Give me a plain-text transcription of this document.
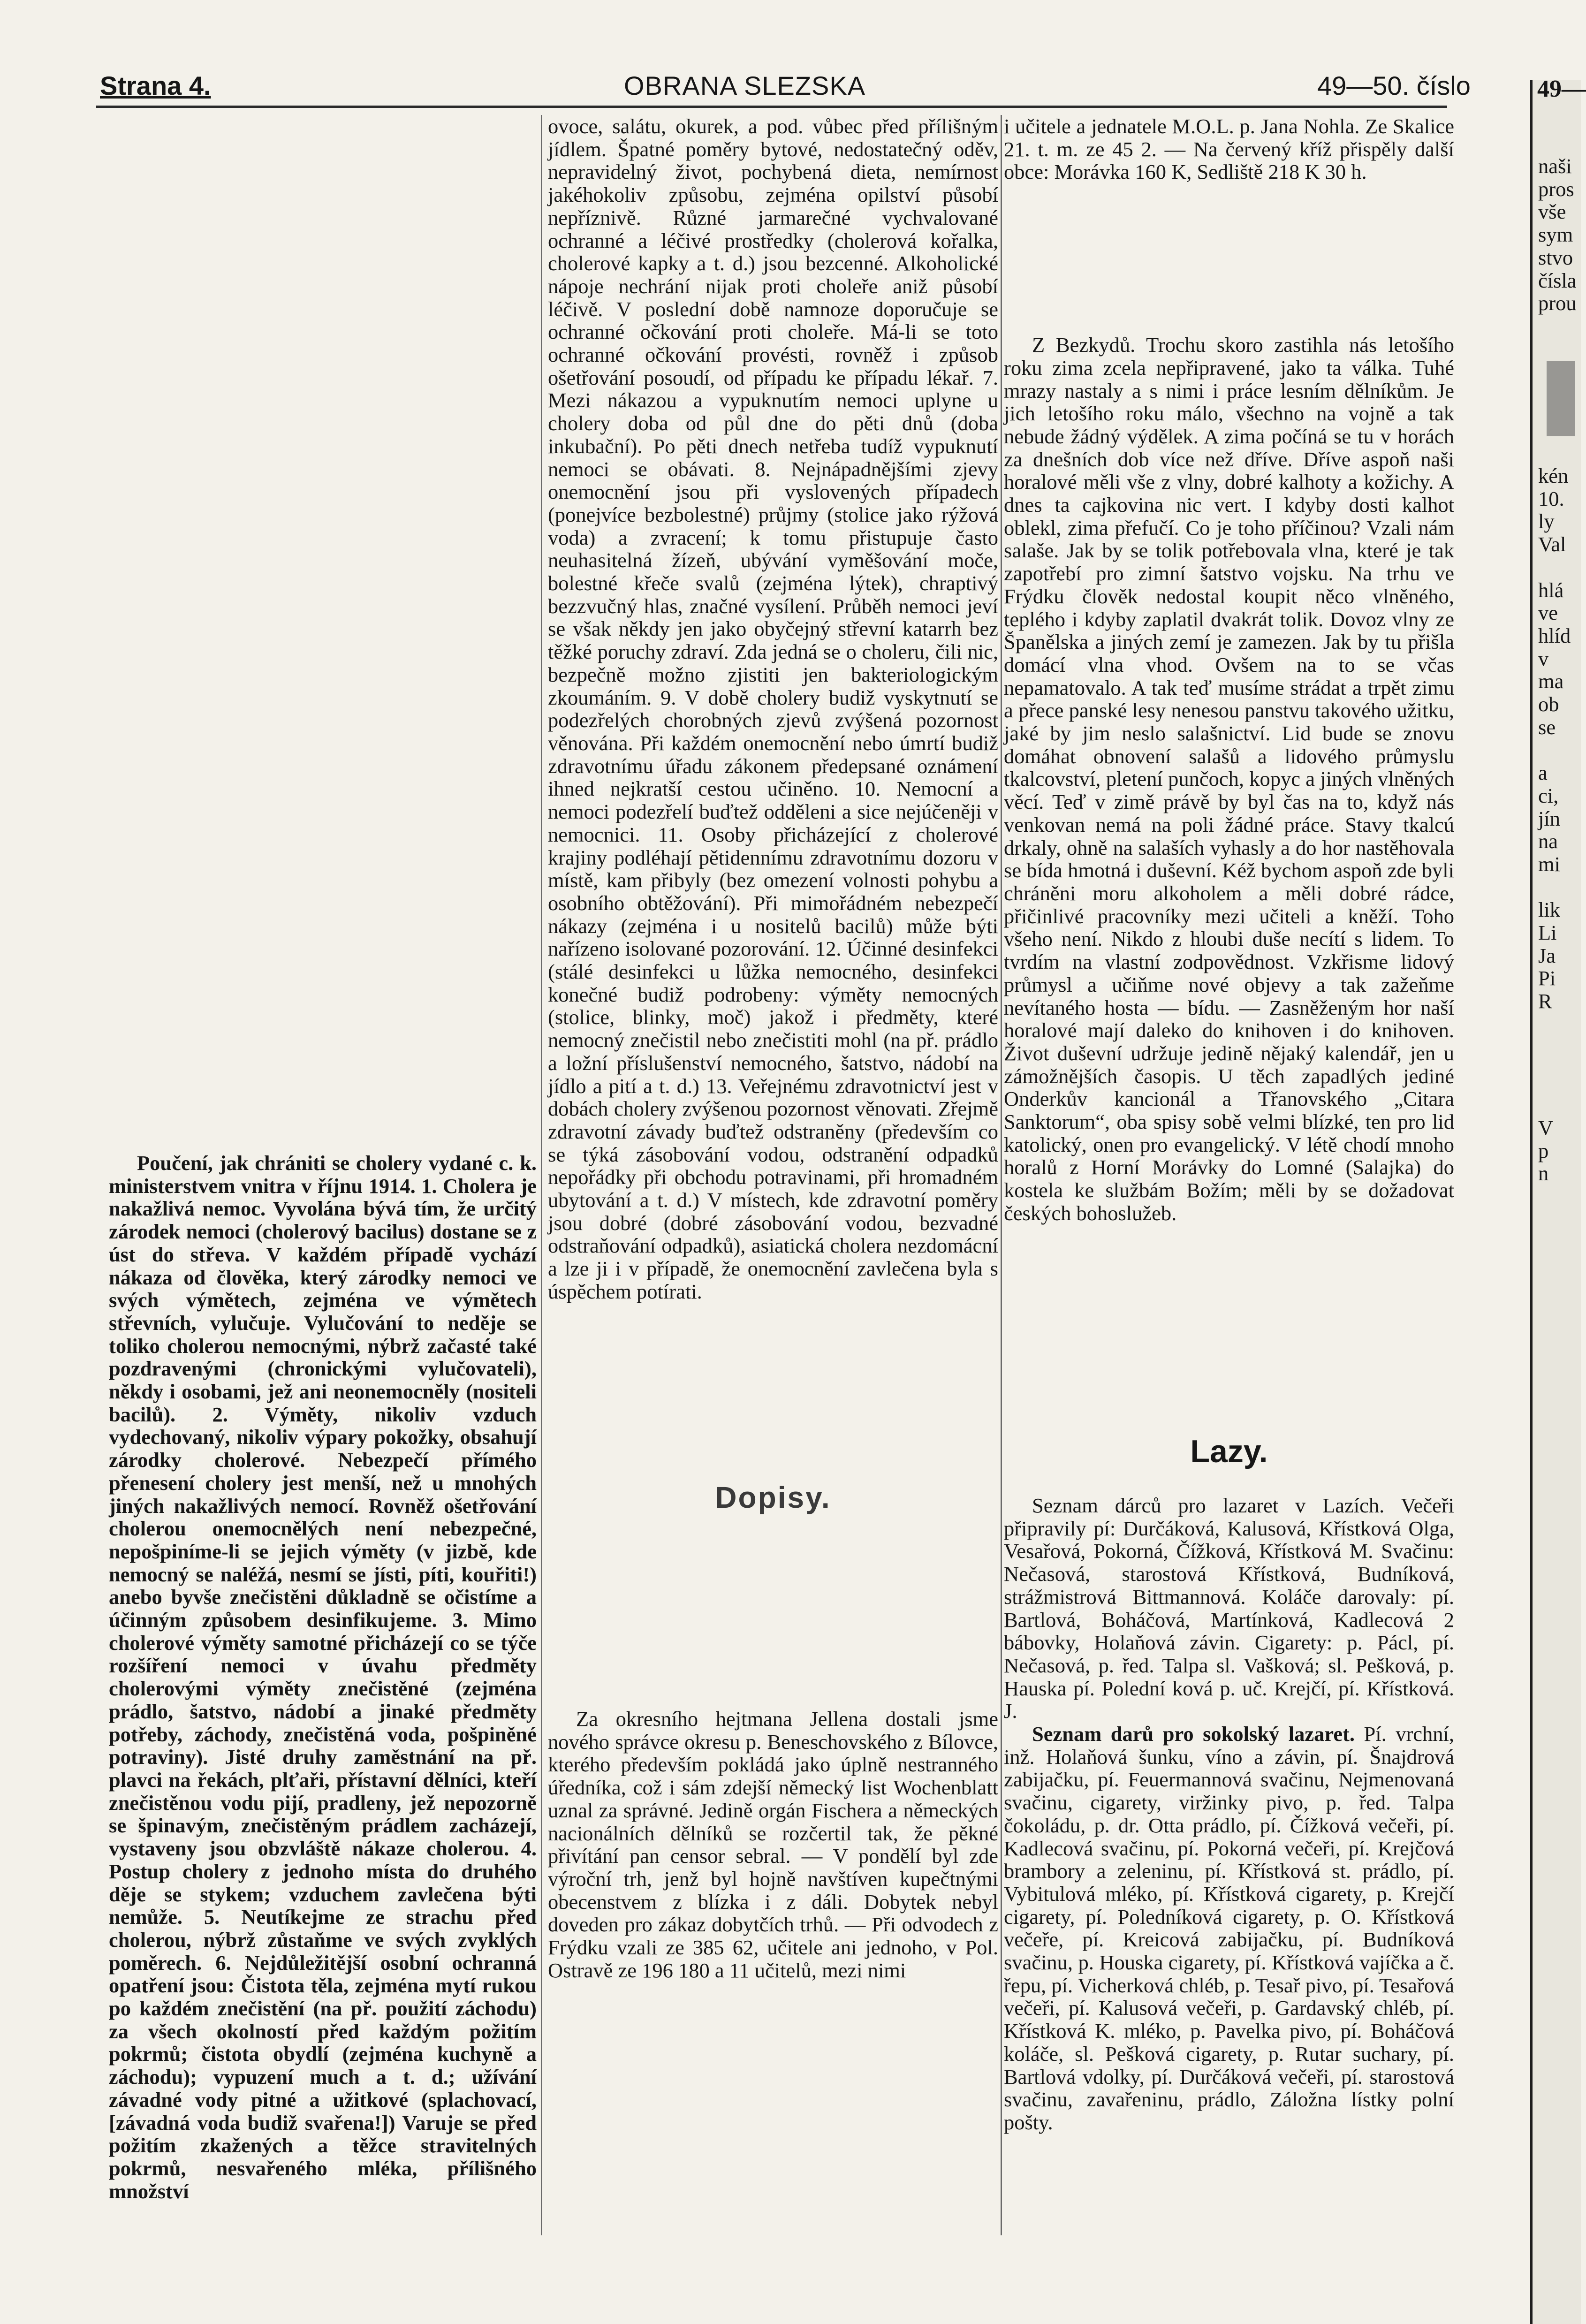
Strana 4.	OBRANA SLEZSKA	49—50. číslo

Poučení, jak chrániti se cholery vydané c. k. ministerstvem vnitra v říjnu 1914. 1. Cholera je nakažlivá nemoc. Vyvolána bývá tím, že určitý zárodek nemoci (cholerový bacilus) dostane se z úst do střeva. V každém případě vychází nákaza od člověka, který zárodky nemoci ve svých výmětech, zejména ve výmětech střevních, vylučuje. Vylučování to neděje se toliko cholerou nemocnými, nýbrž začasté také pozdravenými (chronickými vylučovateli), někdy i osobami, jež ani neonemocněly (nositeli bacilů). 2. Výměty, nikoliv vzduch vydechovaný, nikoliv výpary pokožky, obsahují zárodky cholerové. Nebezpečí přímého přenesení cholery jest menší, než u mnohých jiných nakažlivých nemocí. Rovněž ošetřování cholerou onemocnělých není nebezpečné, nepošpiníme-li se jejich výměty (v jizbě, kde nemocný se naléžá, nesmí se jísti, píti, kouřiti!) anebo byvše znečistěni důkladně se očistíme a účinným způsobem desinfikujeme. 3. Mimo cholerové výměty samotné přicházejí co se týče rozšíření nemoci v úvahu předměty cholerovými výměty znečistěné (zejména prádlo, šatstvo, nádobí a jinaké předměty potřeby, záchody, znečistěná voda, pošpiněné potraviny). Jisté druhy zaměstnání na př. plavci na řekách, plťaři, přístavní dělníci, kteří znečistěnou vodu pijí, pradleny, jež nepozorně se špinavým, znečistěným prádlem zacházejí, vystaveny jsou obzvláště nákaze cholerou. 4. Postup cholery z jednoho místa do druhého děje se stykem; vzduchem zavlečena býti nemůže. 5. Neutíkejme ze strachu před cholerou, nýbrž zůstaňme ve svých zvyklých poměrech. 6. Nejdůležitější osobní ochranná opatření jsou: Čistota těla, zejména mytí rukou po každém znečistění (na př. použití záchodu) za všech okolností před každým požitím pokrmů; čistota obydlí (zejména kuchyně a záchodu); vypuzení much a t. d.; užívání závadné vody pitné a užitkové (splachovací, [závadná voda budiž svařena!]) Varuje se před požitím zkažených a těžce stravitelných pokrmů, nesvařeného mléka, přílišného množství

ovoce, salátu, okurek, a pod. vůbec před přílišným jídlem. Špatné poměry bytové, nedostatečný oděv, nepravidelný život, pochybená dieta, nemírnost jakéhokoliv způsobu, zejména opilství působí nepříznivě. Různé jarmarečné vychvalované ochranné a léčivé prostředky (cholerová kořalka, cholerové kapky a t. d.) jsou bezcenné. Alkoholické nápoje nechrání nijak proti choleře aniž působí léčivě. V poslední době namnoze doporučuje se ochranné očkování proti choleře. Má-li se toto ochranné očkování provésti, rovněž i způsob ošetřování posoudí, od případu ke případu lékař. 7. Mezi nákazou a vypuknutím nemoci uplyne u cholery doba od půl dne do pěti dnů (doba inkubační). Po pěti dnech netřeba tudíž vypuknutí nemoci se obávati. 8. Nejnápadnějšími zjevy onemocnění jsou při vyslovených případech (ponejvíce bezbolestné) průjmy (stolice jako rýžová voda) a zvracení; k tomu přistupuje často neuhasitelná žízeň, ubývání vyměšování moče, bolestné křeče svalů (zejména lýtek), chraptivý bezzvučný hlas, značné vysílení. Průběh nemoci jeví se však někdy jen jako obyčejný střevní katarrh bez těžké poruchy zdraví. Zda jedná se o choleru, čili nic, bezpečně možno zjistiti jen bakteriologickým zkoumáním. 9. V době cholery budiž vyskytnutí se podezřelých chorobných zjevů zvýšená pozornost věnována. Při každém onemocnění nebo úmrtí budiž zdravotnímu úřadu zákonem předepsané oznámení ihned nejkratší cestou učiněno. 10. Nemocní a nemoci podezřelí buďtež odděleni a sice nejúčeněji v nemocnici. 11. Osoby přicházející z cholerové krajiny podléhají pětidennímu zdravotnímu dozoru v místě, kam přibyly (bez omezení volnosti pohybu a osobního obtěžování). Při mimořádném nebezpečí nákazy (zejména i u nositelů bacilů) může býti nařízeno isolované pozorování. 12. Účinné desinfekci (stálé desinfekci u lůžka nemocného, desinfekci konečné budiž podrobeny: výměty nemocných (stolice, blinky, moč) jakož i předměty, které nemocný znečistil nebo znečistiti mohl (na př. prádlo a ložní příslušenství nemocného, šatstvo, nádobí na jídlo a pití a t. d.) 13. Veřejnému zdravotnictví jest v dobách cholery zvýšenou pozornost věnovati. Zřejmě zdravotní závady buďtež odstraněny (především co se týká zásobování vodou, odstranění odpadků nepořádky při obchodu potravinami, při hromadném ubytování a t. d.) V místech, kde zdravotní poměry jsou dobré (dobré zásobování vodou, bezvadné odstraňování odpadků), asiatická cholera nezdomácní a lze ji i v případě, že onemocnění zavlečena byla s úspěchem potírati.

Dopisy.

Za okresního hejtmana Jellena dostali jsme nového správce okresu p. Beneschovského z Bílovce, kterého především pokládá jako úplně nestranného úředníka, což i sám zdejší německý list Wochenblatt uznal za správné. Jedině orgán Fischera a německých nacionálních dělníků se rozčertil tak, že pěkné přivítání pan censor sebral. — V pondělí byl zde výroční trh, jenž byl hojně navštíven kupečtnými obecenstvem z blízka i z dáli. Dobytek nebyl doveden pro zákaz dobytčích trhů. — Při odvodech z Frýdku vzali ze 385 62, učitele ani jednoho, v Pol. Ostravě ze 196 180 a 11 učitelů, mezi nimi

i učitele a jednatele M.O.L. p. Jana Nohla. Ze Skalice 21. t. m. ze 45 2. — Na červený kříž přispěly další obce: Morávka 160 K, Sedliště 218 K 30 h.

Z Bezkydů. Trochu skoro zastihla nás letošího roku zima zcela nepřipravené, jako ta válka. Tuhé mrazy nastaly a s nimi i práce lesním dělníkům. Je jich letošího roku málo, všechno na vojně a tak nebude žádný výdělek. A zima počíná se tu v horách za dnešních dob více než dříve. Dříve aspoň naši horalové měli vše z vlny, dobré kalhoty a kožichy. A dnes ta cajkovina nic vert. I kdyby dosti kalhot oblekl, zima přefučí. Co je toho příčinou? Vzali nám salaše. Jak by se tolik potřebovala vlna, které je tak zapotřebí pro zimní šatstvo vojsku. Na trhu ve Frýdku člověk nedostal koupit něco vlněného, teplého i kdyby zaplatil dvakrát tolik. Dovoz vlny ze Španělska a jiných zemí je zamezen. Jak by tu přišla domácí vlna vhod. Ovšem na to se včas nepamatovalo. A tak teď musíme strádat a trpět zimu a přece panské lesy nenesou panstvu takového užitku, jaké by jim neslo salašnictví. Lid bude se znovu domáhat obnovení salašů a lidového průmyslu tkalcovství, pletení punčoch, kopyc a jiných vlněných věcí. Teď v zimě právě by byl čas na to, když nás venkovan nemá na poli žádné práce. Stavy tkalcú drkaly, ohně na salaších vyhasly a do hor nastěhovala se bída hmotná i duševní. Kéž bychom aspoň zde byli chráněni moru alkoholem a měli dobré rádce, přičinlivé pracovníky mezi učiteli a kněží. Toho všeho není. Nikdo z hloubi duše necítí s lidem. To tvrdím na vlastní zodpovědnost. Vzkřisme lidový průmysl a učiňme nové objevy a tak zažeňme nevítaného hosta — bídu. — Zasněženým hor naší horalové mají daleko do knihoven i do knihoven. Život duševní udržuje jedině nějaký kalendář, jen u zámožnějších časopis. U těch zapadlých jediné Onderkův kancionál a Třanovského „Citara Sanktorum“, oba spisy sobě velmi blízké, ten pro lid katolický, onen pro evangelický. V létě chodí mnoho horalů z Horní Morávky do Lomné (Salajka) do kostela ke službám Božím; měli by se dožadovat českých bohoslužeb.

Lazy.

Seznam dárců pro lazaret v Lazích. Večeři připravily pí: Durčáková, Kalusová, Křístková Olga, Vesařová, Pokorná, Čížková, Křístková M. Svačinu: Nečasová, starostová Křístková, Budníková, strážmistrová Bittmannová. Koláče darovaly: pí. Bartlová, Boháčová, Martínková, Kadlecová 2 bábovky, Holaňová závin. Cigarety: p. Pácl, pí. Nečasová, p. řed. Talpa sl. Vašková; sl. Pešková, p. Hauska pí. Polední ková p. uč. Krejčí, pí. Křístková. J.

Seznam darů pro sokolský lazaret. Pí. vrchní, inž. Holaňová šunku, víno a závin, pí. Šnajdrová zabijačku, pí. Feuermannová svačinu, Nejmenovaná svačinu, cigarety, viržinky pivo, p. řed. Talpa čokoládu, p. dr. Otta prádlo, pí. Čížková večeři, pí. Kadlecová svačinu, pí. Pokorná večeři, pí. Krejčová brambory a zeleninu, pí. Křístková st. prádlo, pí. Vybitulová mléko, pí. Křístková cigarety, p. Krejčí cigarety, pí. Poledníková cigarety, p. O. Křístková večeře, pí. Kreicová zabijačku, pí. Budníková svačinu, p. Houska cigarety, pí. Křístková vajíčka a č. řepu, pí. Vicherková chléb, p. Tesař pivo, pí. Tesařová večeři, pí. Kalusová večeři, p. Gardavský chléb, pí. Křístková K. mléko, p. Pavelka pivo, pí. Boháčová koláče, sl. Pešková cigarety, p. Rutar suchary, pí. Bartlová vdolky, pí. Durčáková večeři, pí. starostová svačinu, zavařeninu, prádlo, Záložna lístky polní pošty.

49—
naši
pros
vše
sym
stvo
čísla
prou
kén
10.
ly
Val

hlá
ve
hlíd
v
ma
ob
se

a
ci,
jín
na
mi

lik
Li
Ja
Pi
R
V
p
n
